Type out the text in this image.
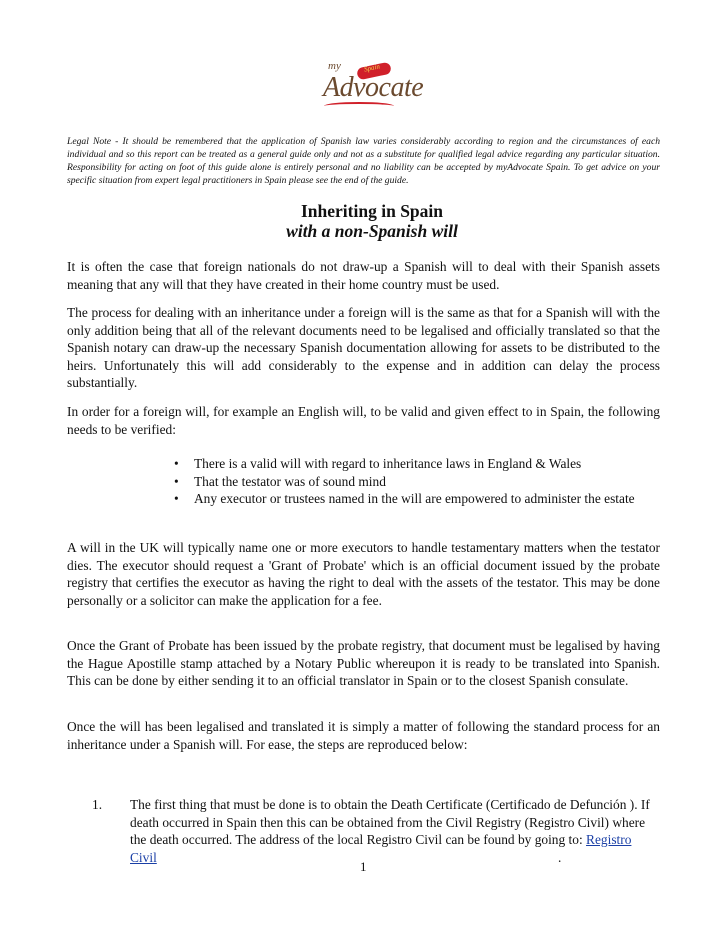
my	Spain
Advocate

Legal Note - It should be remembered that the application of Spanish law varies considerably according to region and the circumstances of each individual and so this report can be treated as a general guide only and not as a substitute for qualified legal advice regarding any particular situation. Responsibility for acting on foot of this guide alone is entirely personal and no liability can be accepted by myAdvocate Spain. To get advice on your specific situation from expert legal practitioners in Spain please see the end of the guide.

Inheriting in Spain
with a non-Spanish will

It is often the case that foreign nationals do not draw-up a Spanish will to deal with their Spanish assets meaning that any will that they have created in their home country must be used.

The process for dealing with an inheritance under a foreign will is the same as that for a Spanish will with the only addition being that all of the relevant documents need to be legalised and officially translated so that the Spanish notary can draw-up the necessary Spanish documentation allowing for assets to be distributed to the heirs. Unfortunately this will add considerably to the expense and in addition can delay the process substantially.

In order for a foreign will, for example an English will, to be valid and given effect to in Spain, the following needs to be verified:

• There is a valid will with regard to inheritance laws in England & Wales
• That the testator was of sound mind
• Any executor or trustees named in the will are empowered to administer the estate

A will in the UK will typically name one or more executors to handle testamentary matters when the testator dies. The executor should request a 'Grant of Probate' which is an official document issued by the probate registry that certifies the executor as having the right to deal with the assets of the testator. This may be done personally or a solicitor can make the application for a fee.

Once the Grant of Probate has been issued by the probate registry, that document must be legalised by having the Hague Apostille stamp attached by a Notary Public whereupon it is ready to be translated into Spanish. This can be done by either sending it to an official translator in Spain or to the closest Spanish consulate.

Once the will has been legalised and translated it is simply a matter of following the standard process for an inheritance under a Spanish will. For ease, the steps are reproduced below:

1. The first thing that must be done is to obtain the Death Certificate (Certificado de Defunción ). If death occurred in Spain then this can be obtained from the Civil Registry (Registro Civil) where the death occurred. The address of the local Registro Civil can be found by going to: Registro Civil	.

1
